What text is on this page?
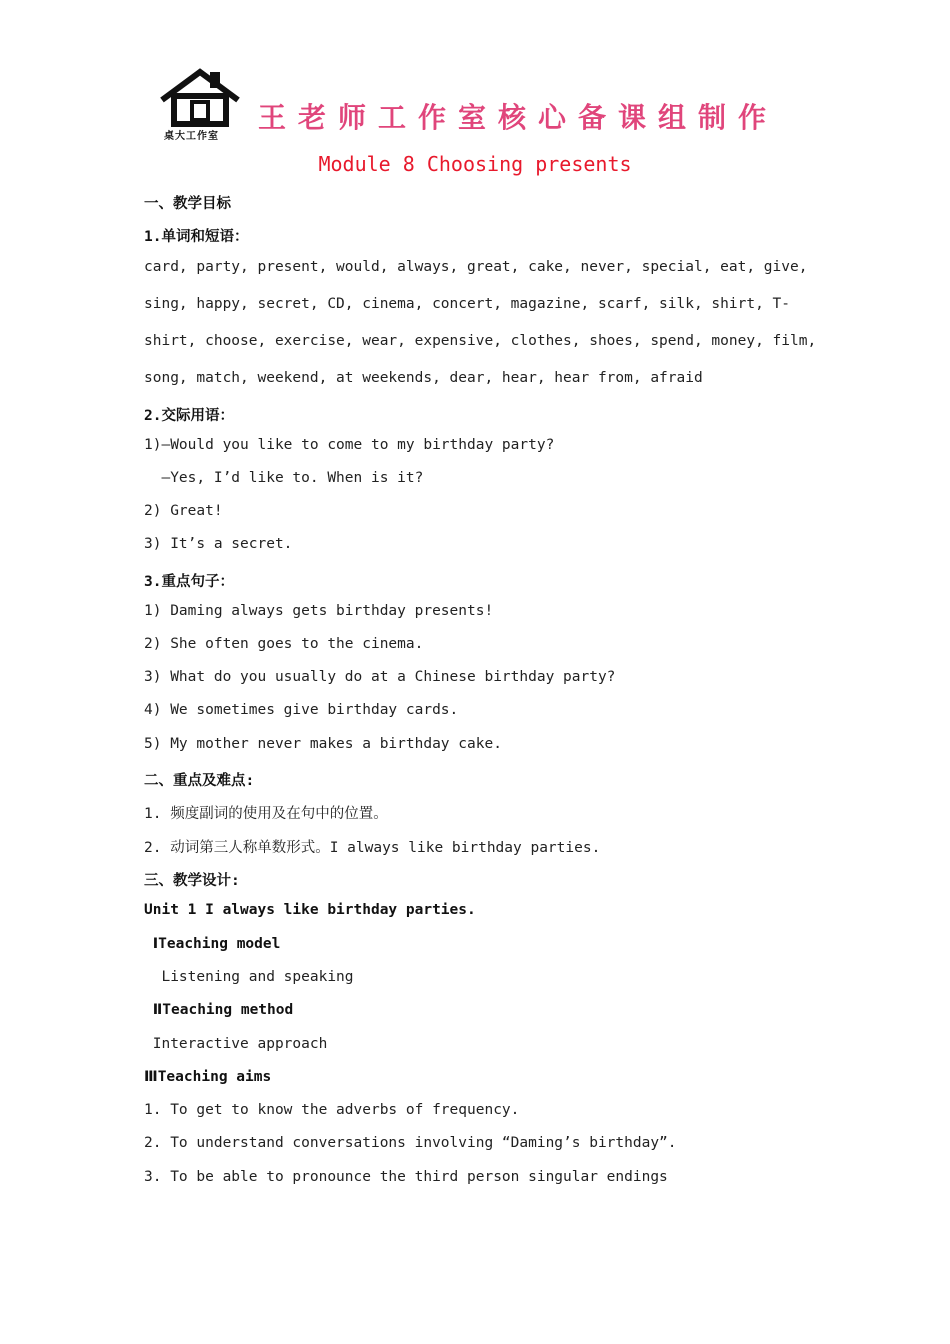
桌大工作室
王老师工作室核心备课组制作
Module 8 Choosing presents
一、教学目标
1.单词和短语：
card, party, present, would, always, great, cake, never, special, eat, give,
sing, happy, secret, CD, cinema, concert, magazine, scarf, silk, shirt, T-
shirt, choose, exercise, wear, expensive, clothes, shoes, spend, money, film,
song, match, weekend, at weekends, dear, hear, hear from, afraid
2.交际用语：
1)—Would you like to come to my birthday party?
—Yes, I’d like to. When is it?
2) Great!
3) It’s a secret.
3.重点句子：
1) Daming always gets birthday presents!
2) She often goes to the cinema.
3) What do you usually do at a Chinese birthday party?
4) We sometimes give birthday cards.
5) My mother never makes a birthday cake.
二、重点及难点:
1. 频度副词的使用及在句中的位置。
2. 动词第三人称单数形式。I always like birthday parties.
三、教学设计:
Unit 1 I always like birthday parties.
ⅠTeaching model
Listening and speaking
ⅡTeaching method
Interactive approach
ⅢTeaching aims
1. To get to know the adverbs of frequency.
2. To understand conversations involving “Daming’s birthday”.
3. To be able to pronounce the third person singular endings
